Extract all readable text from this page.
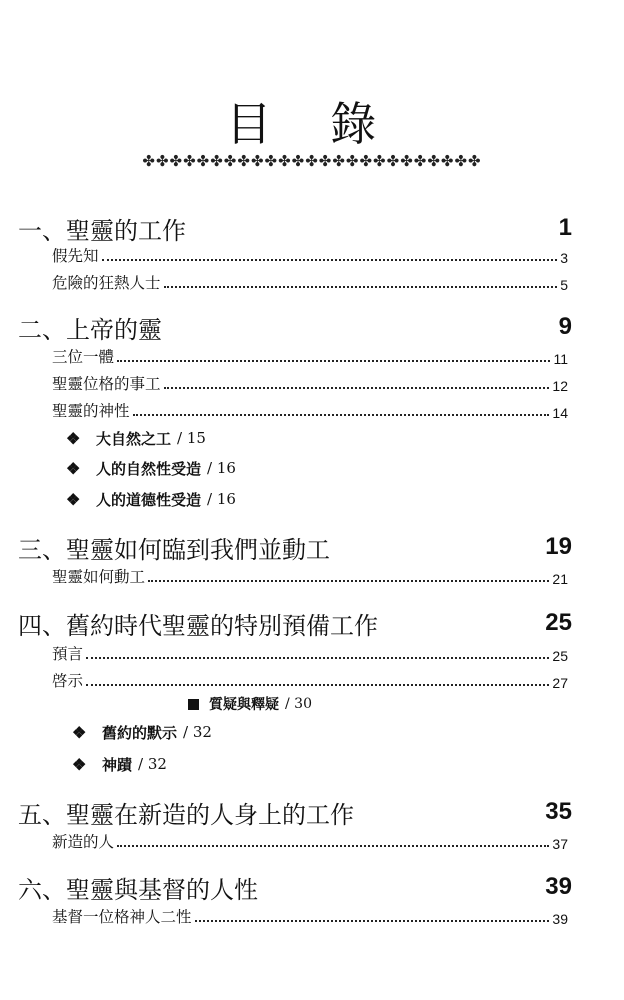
目 錄
✤✤✤✤✤✤✤✤✤✤✤✤✤✤✤✤✤✤✤✤✤✤✤✤✤
一、聖靈的工作	1
假先知	3
危險的狂熱人士	5
二、上帝的靈	9
三位一體	11
聖靈位格的事工	12
聖靈的神性	14
❖	大自然之工 / 15
❖	人的自然性受造 / 16
❖	人的道德性受造 / 16
三、聖靈如何臨到我們並動工	19
聖靈如何動工	21
四、舊約時代聖靈的特別預備工作	25
預言	25
啓示	27
質疑與釋疑 / 30
❖	舊約的默示 / 32
❖	神蹟 / 32
五、聖靈在新造的人身上的工作	35
新造的人	37
六、聖靈與基督的人性	39
基督一位格神人二性	39
